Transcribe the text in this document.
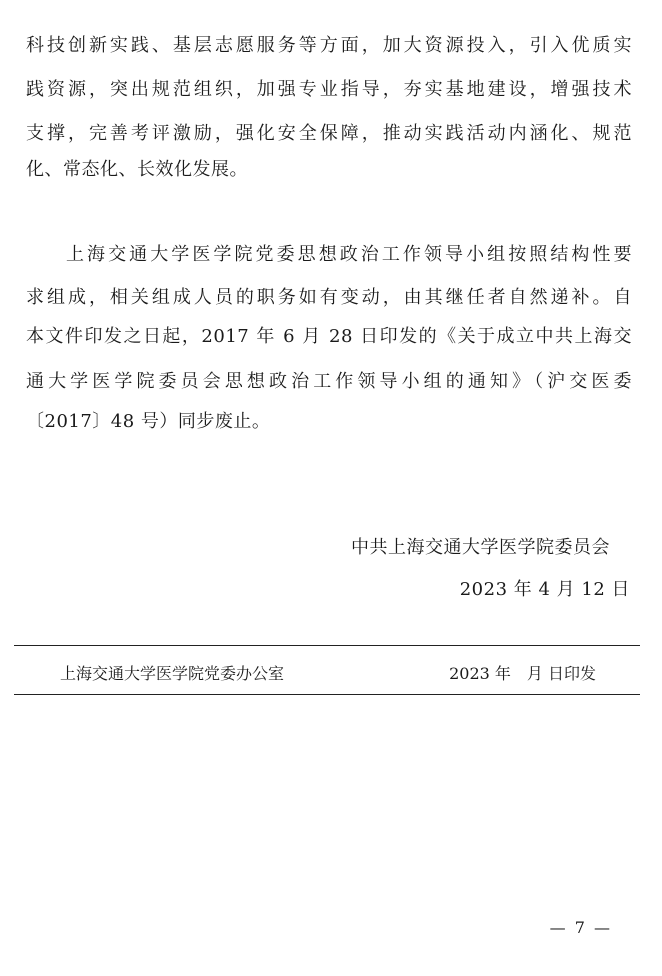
科技创新实践、基层志愿服务等方面，加大资源投入，引入优质实
践资源，突出规范组织，加强专业指导，夯实基地建设，增强技术
支撑，完善考评激励，强化安全保障，推动实践活动内涵化、规范
化、常态化、长效化发展。
上海交通大学医学院党委思想政治工作领导小组按照结构性要
求组成，相关组成人员的职务如有变动，由其继任者自然递补。自
本文件印发之日起，2017 年 6 月 28 日印发的《关于成立中共上海交
通大学医学院委员会思想政治工作领导小组的通知》（沪交医委
〔2017〕48 号）同步废止。
中共上海交通大学医学院委员会
2023 年 4 月 12 日
上海交通大学医学院党委办公室	2023 年　月 日印发
— 7 —
